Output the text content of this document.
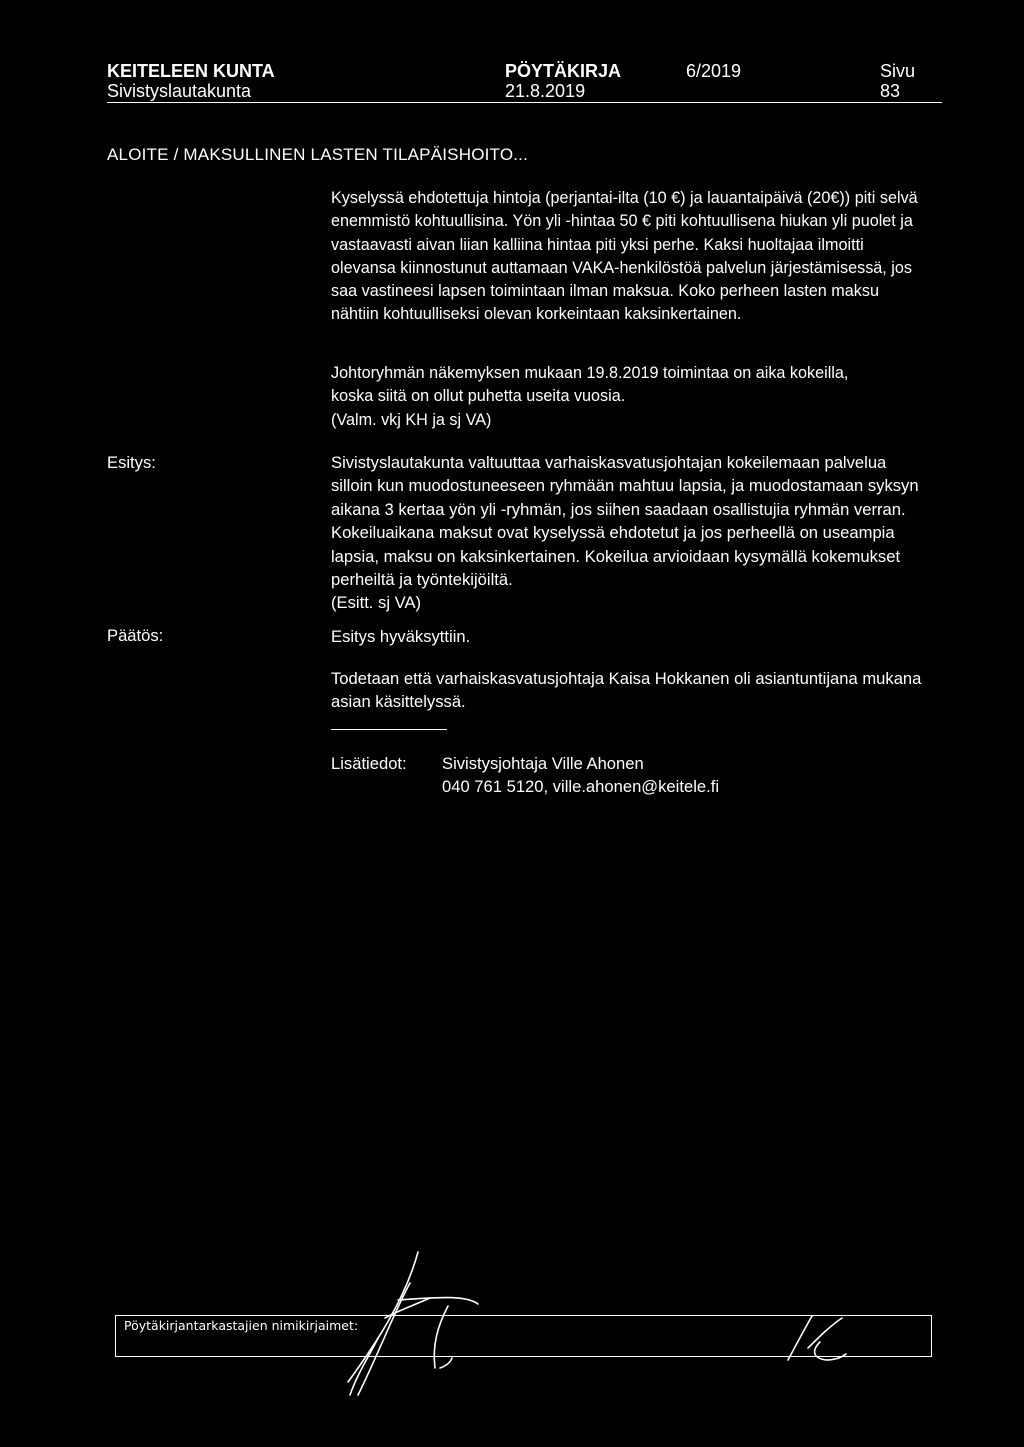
KEITELEEN KUNTA	PÖYTÄKIRJA	6/2019	Sivu
Sivistyslautakunta	21.8.2019	83
ALOITE / MAKSULLINEN LASTEN TILAPÄISHOITO...

Kyselyssä ehdotettuja hintoja (perjantai-ilta (10 €) ja lauantaipäivä (20€)) piti selvä enemmistö kohtuullisina. Yön yli -hintaa 50 € piti kohtuullisena hiukan yli puolet ja vastaavasti aivan liian kalliina hintaa piti yksi perhe. Kaksi huoltajaa ilmoitti olevansa kiinnostunut auttamaan VAKA-henkilöstöä palvelun järjestämisessä, jos saa vastineesi lapsen toimintaan ilman maksua. Koko perheen lasten maksu nähtiin kohtuulliseksi olevan korkeintaan kaksinkertainen.

Johtoryhmän näkemyksen mukaan 19.8.2019 toimintaa on aika kokeilla,
koska siitä on ollut puhetta useita vuosia.
(Valm. vkj KH ja sj VA)
Esitys:	Sivistyslautakunta valtuuttaa varhaiskasvatusjohtajan kokeilemaan palvelua silloin kun muodostuneeseen ryhmään mahtuu lapsia, ja muodostamaan syksyn aikana 3 kertaa yön yli -ryhmän, jos siihen saadaan osallistujia ryhmän verran. Kokeiluaikana maksut ovat kyselyssä ehdotetut ja jos perheellä on useampia lapsia, maksu on kaksinkertainen. Kokeilua arvioidaan kysymällä kokemukset perheiltä ja työntekijöiltä.

(Esitt. sj VA)
Päätös:	Esitys hyväksyttiin.

Todetaan että varhaiskasvatusjohtaja Kaisa Hokkanen oli asiantuntijana mukana asian käsittelyssä.

Lisätiedot: Sivistysjohtaja Ville Ahonen
040 761 5120, ville.ahonen@keitele.fi
Pöytäkirjantarkastajien nimikirjaimet:
